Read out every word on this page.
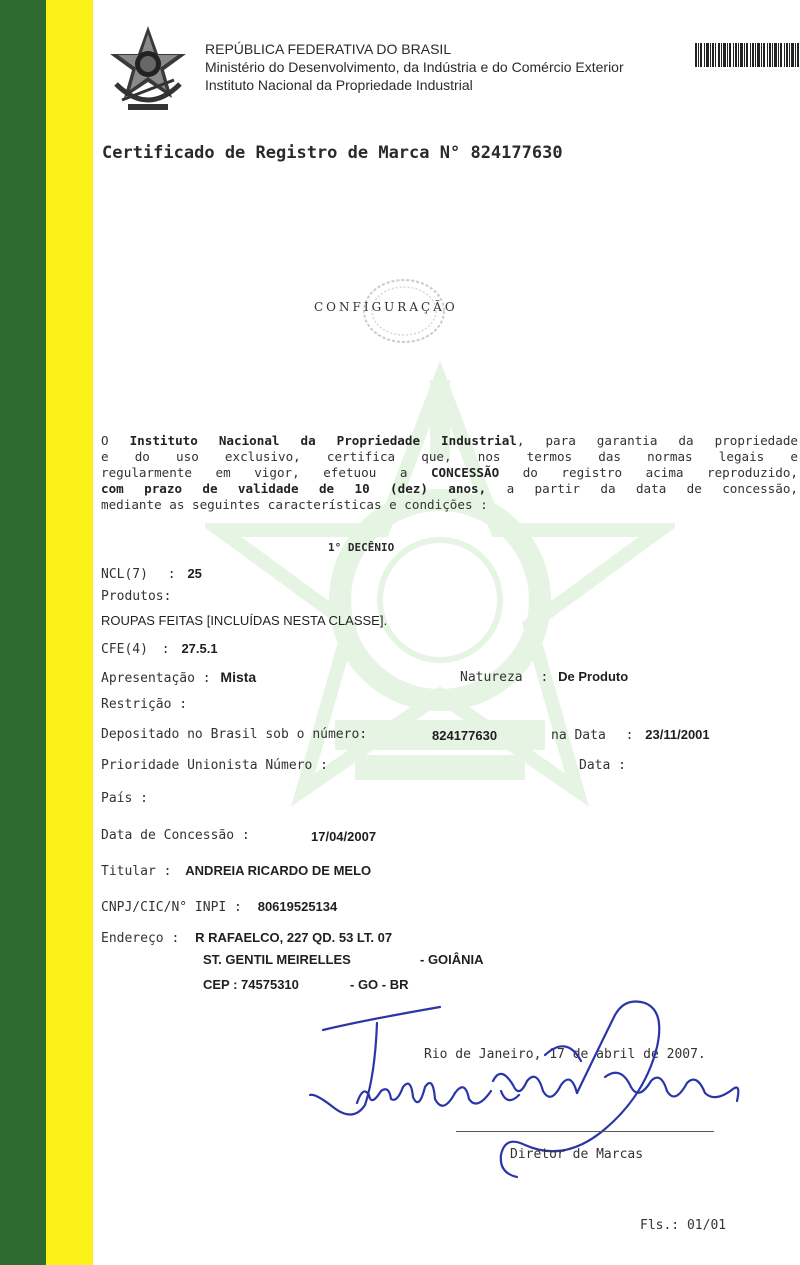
REPÚBLICA FEDERATIVA DO BRASIL
Ministério do Desenvolvimento, da Indústria e do Comércio Exterior
Instituto Nacional da Propriedade Industrial
Certificado de Registro de Marca N° 824177630
CONFIGURAÇÃO
O Instituto Nacional da Propriedade Industrial, para garantia da propriedade
e do uso exclusivo, certifica que, nos termos das normas legais e
regularmente em vigor, efetuou a CONCESSÃO do registro acima reproduzido,
com prazo de validade de 10 (dez) anos, a partir da data de concessão,
mediante as seguintes características e condições :
1° DECÊNIO
NCL(7) : 25
Produtos:
ROUPAS FEITAS [INCLUÍDAS NESTA CLASSE].
CFE(4) : 27.5.1
Apresentação : Mista	Natureza : De Produto
Restrição :
Depositado no Brasil sob o número:	824177630	na Data : 23/11/2001
Prioridade Unionista Número :	Data :
País :
Data de Concessão :	17/04/2007
Titular : ANDREIA RICARDO DE MELO
CNPJ/CIC/N° INPI : 80619525134
Endereço : R RAFAELCO, 227 QD. 53 LT. 07
ST. GENTIL MEIRELLES	- GOIÂNIA
CEP : 74575310	- GO - BR
Rio de Janeiro, 17 de abril de 2007.
Diretor de Marcas
Fls.: 01/01
